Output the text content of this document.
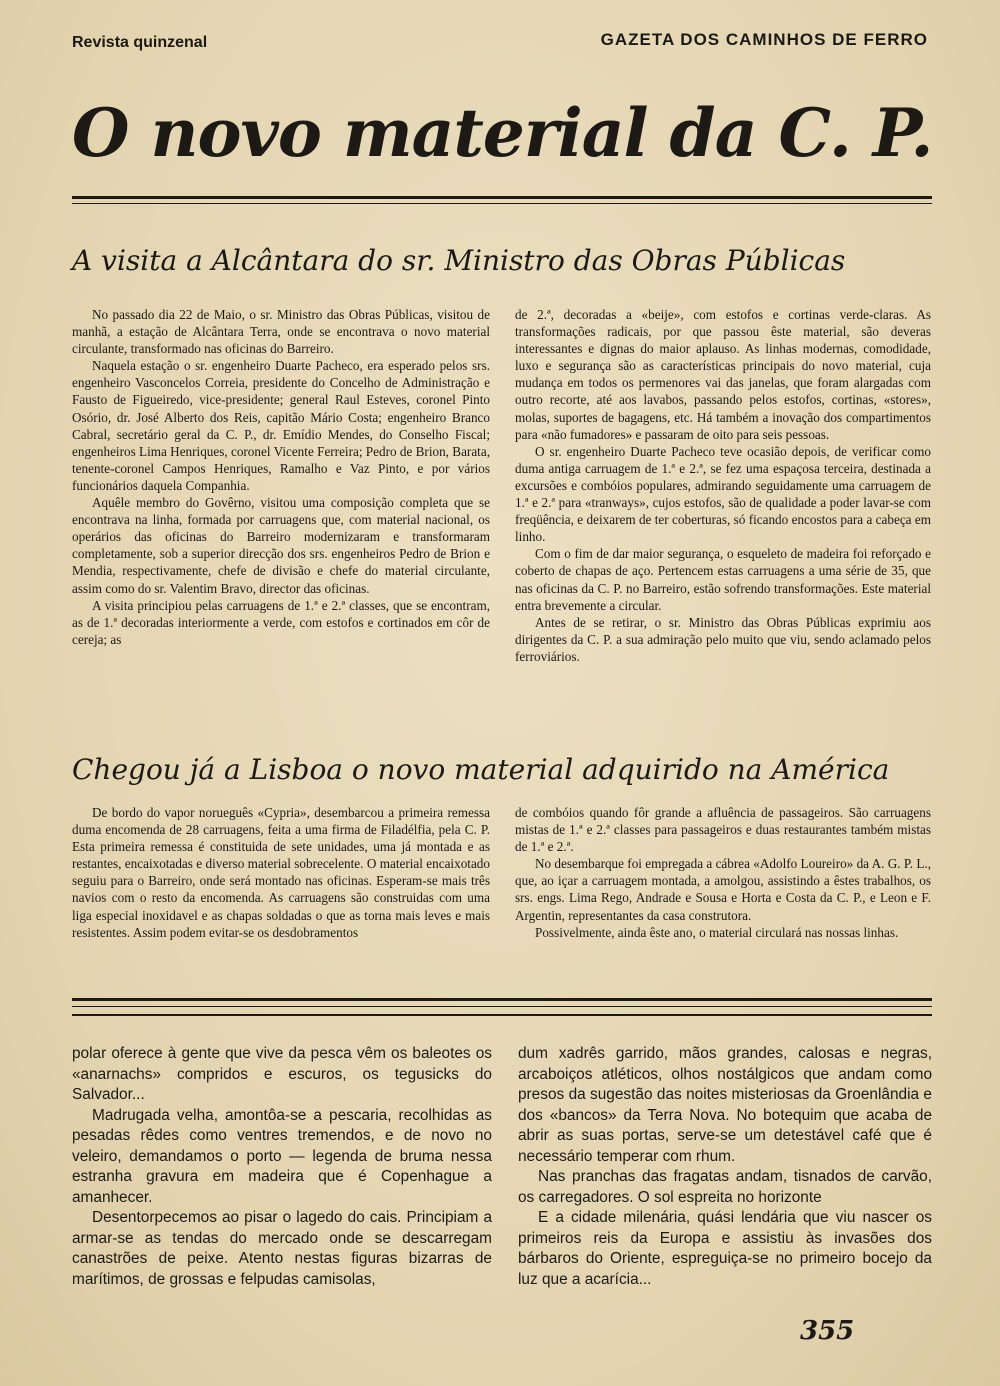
Revista quinzenal	GAZETA DOS CAMINHOS DE FERRO
O novo material da C. P.
A visita a Alcântara do sr. Ministro das Obras Públicas

No passado dia 22 de Maio, o sr. Ministro das Obras Públicas, visitou de manhã, a estação de Alcântara Terra, onde se encontrava o novo material circulante, transformado nas oficinas do Barreiro.

Naquela estação o sr. engenheiro Duarte Pacheco, era esperado pelos srs. engenheiro Vasconcelos Correia, presidente do Concelho de Administração e Fausto de Figueiredo, vice-presidente; general Raul Esteves, coronel Pinto Osório, dr. José Alberto dos Reis, capitão Mário Costa; engenheiro Branco Cabral, secretário geral da C. P., dr. Emídio Mendes, do Conselho Fiscal; engenheiros Lima Henriques, coronel Vicente Ferreira; Pedro de Brion, Barata, tenente-coronel Campos Henriques, Ramalho e Vaz Pinto, e por vários funcionários daquela Companhia.

Aquêle membro do Govêrno, visitou uma composição completa que se encontrava na linha, formada por carruagens que, com material nacional, os operários das oficinas do Barreiro modernizaram e transformaram completamente, sob a superior direcção dos srs. engenheiros Pedro de Brion e Mendia, respectivamente, chefe de divisão e chefe do material circulante, assim como do sr. Valentim Bravo, director das oficinas.

A visita principiou pelas carruagens de 1.ª e 2.ª classes, que se encontram, as de 1.ª decoradas interiormente a verde, com estofos e cortinados em côr de cereja; as

de 2.ª, decoradas a «beije», com estofos e cortinas verde-claras. As transformações radicais, por que passou êste material, são deveras interessantes e dignas do maior aplauso. As linhas modernas, comodidade, luxo e segurança são as características principais do novo material, cuja mudança em todos os permenores vai das janelas, que foram alargadas com outro recorte, até aos lavabos, passando pelos estofos, cortinas, «stores», molas, suportes de bagagens, etc. Há também a inovação dos compartimentos para «não fumadores» e passaram de oito para seis pessoas.

O sr. engenheiro Duarte Pacheco teve ocasião depois, de verificar como duma antiga carruagem de 1.ª e 2.ª, se fez uma espaçosa terceira, destinada a excursões e combóios populares, admirando seguidamente uma carruagem de 1.ª e 2.ª para «tranways», cujos estofos, são de qualidade a poder lavar-se com freqüência, e deixarem de ter coberturas, só ficando encostos para a cabeça em linho.

Com o fim de dar maior segurança, o esqueleto de madeira foi reforçado e coberto de chapas de aço. Pertencem estas carruagens a uma série de 35, que nas oficinas da C. P. no Barreiro, estão sofrendo transformações. Este material entra brevemente a circular.

Antes de se retirar, o sr. Ministro das Obras Públicas exprimiu aos dirigentes da C. P. a sua admiração pelo muito que viu, sendo aclamado pelos ferroviários.

Chegou já a Lisboa o novo material adquirido na América

De bordo do vapor norueguês «Cypria», desembarcou a primeira remessa duma encomenda de 28 carruagens, feita a uma firma de Filadélfia, pela C. P. Esta primeira remessa é constituida de sete unidades, uma já montada e as restantes, encaixotadas e diverso material sobrecelente. O material encaixotado seguiu para o Barreiro, onde será montado nas oficinas. Esperam-se mais três navios com o resto da encomenda. As carruagens são construidas com uma liga especial inoxidavel e as chapas soldadas o que as torna mais leves e mais resistentes. Assim podem evitar-se os desdobramentos

de combóios quando fôr grande a afluência de passageiros. São carruagens mistas de 1.ª e 2.ª classes para passageiros e duas restaurantes também mistas de 1.ª e 2.ª.

No desembarque foi empregada a cábrea «Adolfo Loureiro» da A. G. P. L., que, ao içar a carruagem montada, a amolgou, assistindo a êstes trabalhos, os srs. engs. Lima Rego, Andrade e Sousa e Horta e Costa da C. P., e Leon e F. Argentin, representantes da casa construtora.

Possivelmente, ainda êste ano, o material circulará nas nossas linhas.

polar oferece à gente que vive da pesca vêm os baleotes os «anarnachs» compridos e escuros, os tegusicks do Salvador...

Madrugada velha, amontôa-se a pescaria, recolhidas as pesadas rêdes como ventres tremendos, e de novo no veleiro, demandamos o porto — legenda de bruma nessa estranha gravura em madeira que é Copenhague a amanhecer.

Desentorpecemos ao pisar o lagedo do cais. Principiam a armar-se as tendas do mercado onde se descarregam canastrões de peixe. Atento nestas figuras bizarras de marítimos, de grossas e felpudas camisolas,

dum xadrês garrido, mãos grandes, calosas e negras, arcaboiços atléticos, olhos nostálgicos que andam como presos da sugestão das noites misteriosas da Groenlândia e dos «bancos» da Terra Nova. No botequim que acaba de abrir as suas portas, serve-se um detestável café que é necessário temperar com rhum.

Nas pranchas das fragatas andam, tisnados de carvão, os carregadores. O sol espreita no horizonte

E a cidade milenária, quási lendária que viu nascer os primeiros reis da Europa e assistiu às invasões dos bárbaros do Oriente, espreguiça-se no primeiro bocejo da luz que a acarícia...

355
